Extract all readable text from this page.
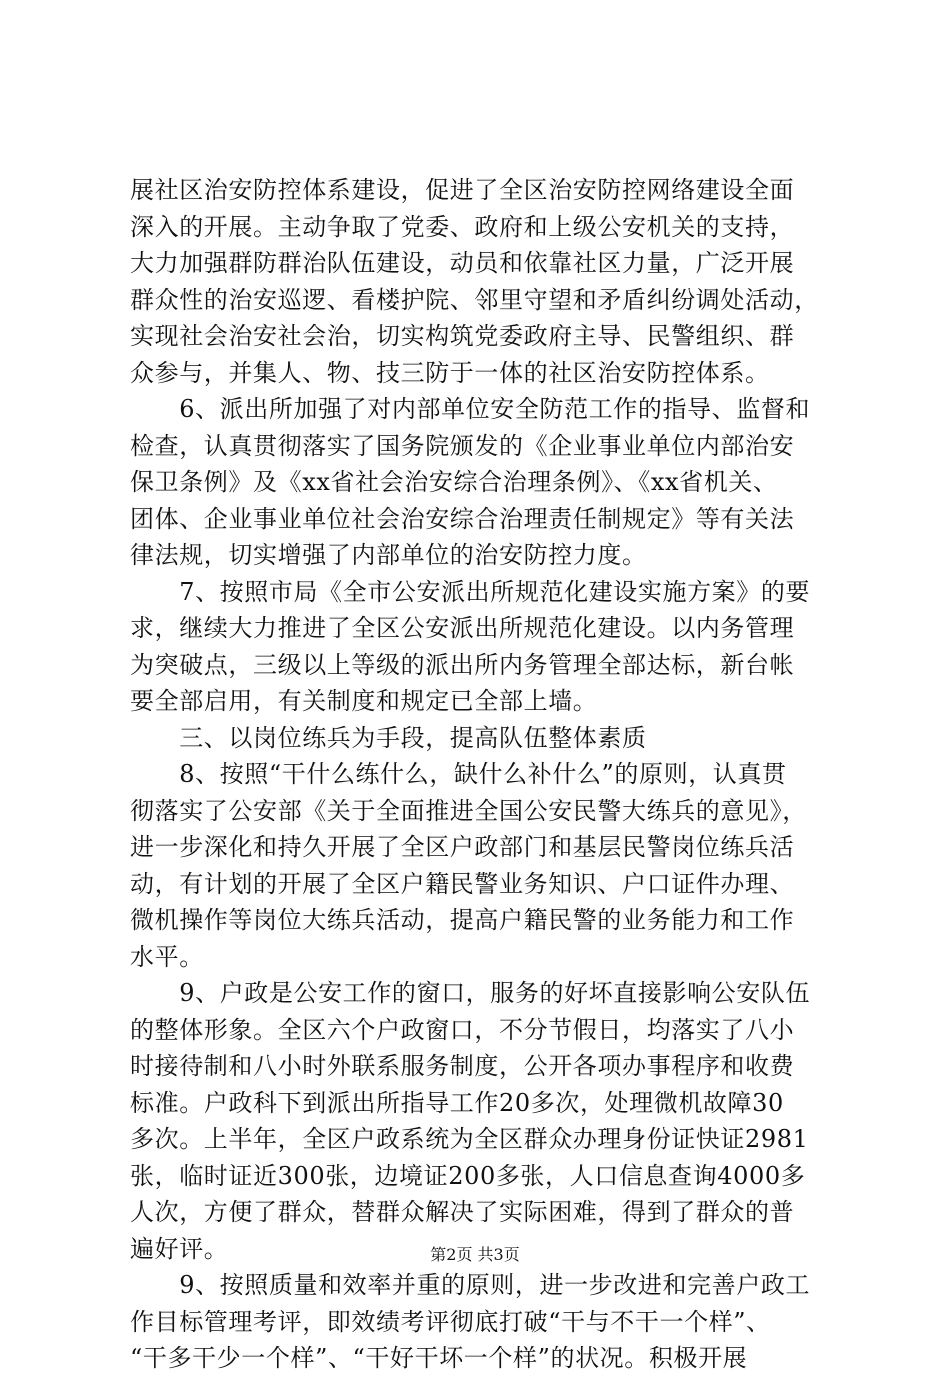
展社区治安防控体系建设，促进了全区治安防控网络建设全面
深入的开展。主动争取了党委、政府和上级公安机关的支持，
大力加强群防群治队伍建设，动员和依靠社区力量，广泛开展
群众性的治安巡逻、看楼护院、邻里守望和矛盾纠纷调处活动，
实现社会治安社会治，切实构筑党委政府主导、民警组织、群
众参与，并集人、物、技三防于一体的社区治安防控体系。
　　6、派出所加强了对内部单位安全防范工作的指导、监督和
检查，认真贯彻落实了国务院颁发的《企业事业单位内部治安
保卫条例》及《xx省社会治安综合治理条例》、《xx省机关、
团体、企业事业单位社会治安综合治理责任制规定》等有关法
律法规，切实增强了内部单位的治安防控力度。
　　7、按照市局《全市公安派出所规范化建设实施方案》的要
求，继续大力推进了全区公安派出所规范化建设。以内务管理
为突破点，三级以上等级的派出所内务管理全部达标，新台帐
要全部启用，有关制度和规定已全部上墙。
　　三、以岗位练兵为手段，提高队伍整体素质
　　8、按照“干什么练什么，缺什么补什么”的原则，认真贯
彻落实了公安部《关于全面推进全国公安民警大练兵的意见》，
进一步深化和持久开展了全区户政部门和基层民警岗位练兵活
动，有计划的开展了全区户籍民警业务知识、户口证件办理、
微机操作等岗位大练兵活动，提高户籍民警的业务能力和工作
水平。
　　9、户政是公安工作的窗口，服务的好坏直接影响公安队伍
的整体形象。全区六个户政窗口，不分节假日，均落实了八小
时接待制和八小时外联系服务制度，公开各项办事程序和收费
标准。户政科下到派出所指导工作20多次，处理微机故障30
多次。上半年，全区户政系统为全区群众办理身份证快证2981
张，临时证近300张，边境证200多张，人口信息查询4000多
人次，方便了群众，替群众解决了实际困难，得到了群众的普
遍好评。
　　9、按照质量和效率并重的原则，进一步改进和完善户政工
作目标管理考评，即效绩考评彻底打破“干与不干一个样”、
“干多干少一个样”、“干好干坏一个样”的状况。积极开展
第2页 共3页
